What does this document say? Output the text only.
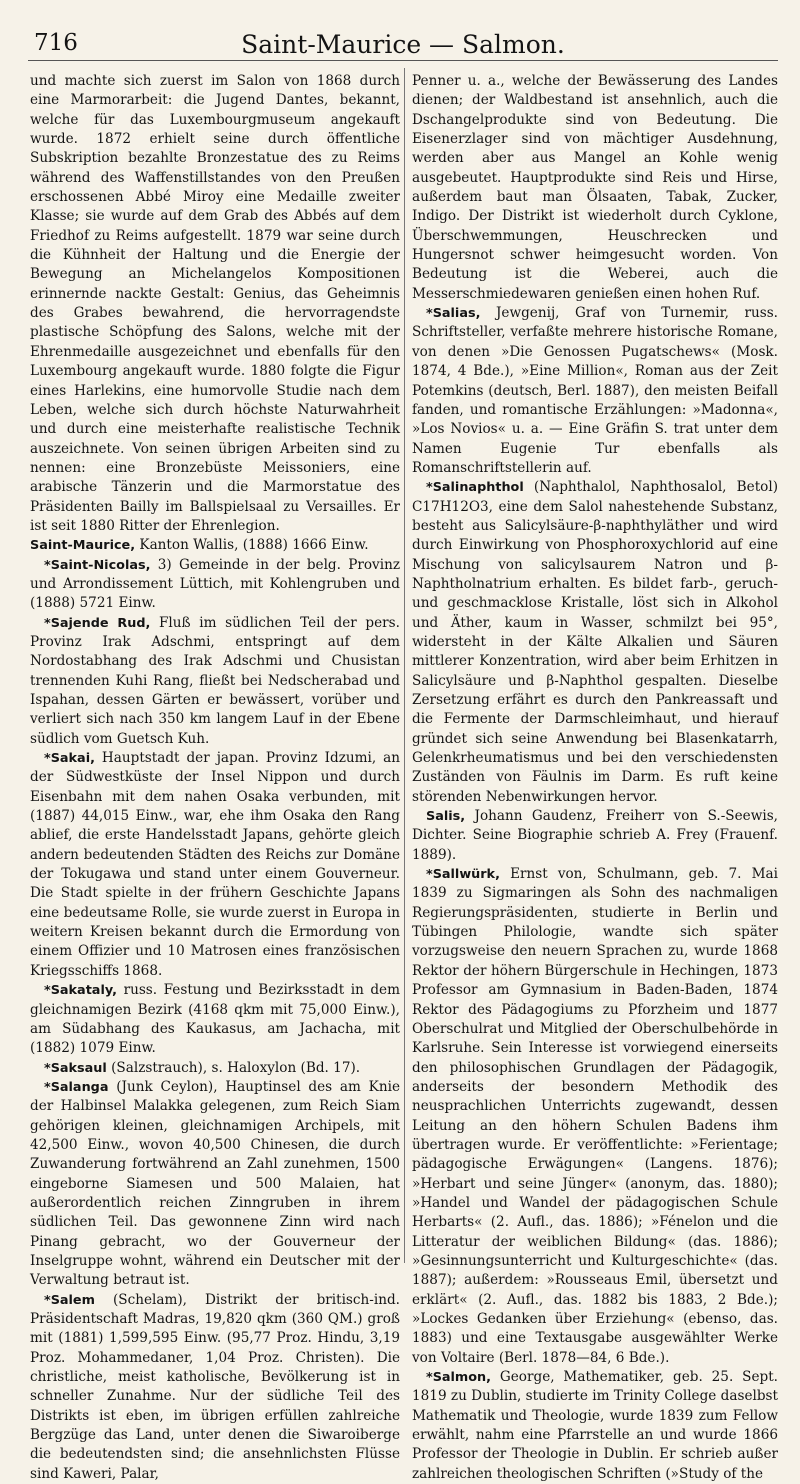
716	Saint-Maurice — Salmon.

und machte sich zuerst im Salon von 1868 durch eine Marmorarbeit: die Jugend Dantes, bekannt, welche für das Luxembourgmuseum angekauft wurde. 1872 erhielt seine durch öffentliche Subskription bezahlte Bronzestatue des zu Reims während des Waffenstillstandes von den Preußen erschossenen Abbé Miroy eine Medaille zweiter Klasse; sie wurde auf dem Grab des Abbés auf dem Friedhof zu Reims aufgestellt. 1879 war seine durch die Kühnheit der Haltung und die Energie der Bewegung an Michelangelos Kompositionen erinnernde nackte Gestalt: Genius, das Geheimnis des Grabes bewahrend, die hervorragendste plastische Schöpfung des Salons, welche mit der Ehrenmedaille ausgezeichnet und ebenfalls für den Luxembourg angekauft wurde. 1880 folgte die Figur eines Harlekins, eine humorvolle Studie nach dem Leben, welche sich durch höchste Naturwahrheit und durch eine meisterhafte realistische Technik auszeichnete. Von seinen übrigen Arbeiten sind zu nennen: eine Bronzebüste Meissoniers, eine arabische Tänzerin und die Marmorstatue des Präsidenten Bailly im Ballspielsaal zu Versailles. Er ist seit 1880 Ritter der Ehrenlegion.

Saint-Maurice, Kanton Wallis, (1888) 1666 Einw.

*Saint-Nicolas, 3) Gemeinde in der belg. Provinz und Arrondissement Lüttich, mit Kohlengruben und (1888) 5721 Einw.

*Sajende Rud, Fluß im südlichen Teil der pers. Provinz Irak Adschmi, entspringt auf dem Nordostabhang des Irak Adschmi und Chusistan trennenden Kuhi Rang, fließt bei Nedscherabad und Ispahan, dessen Gärten er bewässert, vorüber und verliert sich nach 350 km langem Lauf in der Ebene südlich vom Guetsch Kuh.

*Sakai, Hauptstadt der japan. Provinz Idzumi, an der Südwestküste der Insel Nippon und durch Eisenbahn mit dem nahen Osaka verbunden, mit (1887) 44,015 Einw., war, ehe ihm Osaka den Rang ablief, die erste Handelsstadt Japans, gehörte gleich andern bedeutenden Städten des Reichs zur Domäne der Tokugawa und stand unter einem Gouverneur. Die Stadt spielte in der frühern Geschichte Japans eine bedeutsame Rolle, sie wurde zuerst in Europa in weitern Kreisen bekannt durch die Ermordung von einem Offizier und 10 Matrosen eines französischen Kriegsschiffs 1868.

*Sakataly, russ. Festung und Bezirksstadt in dem gleichnamigen Bezirk (4168 qkm mit 75,000 Einw.), am Südabhang des Kaukasus, am Jachacha, mit (1882) 1079 Einw.

*Saksaul (Salzstrauch), s. Haloxylon (Bd. 17).

*Salanga (Junk Ceylon), Hauptinsel des am Knie der Halbinsel Malakka gelegenen, zum Reich Siam gehörigen kleinen, gleichnamigen Archipels, mit 42,500 Einw., wovon 40,500 Chinesen, die durch Zuwanderung fortwährend an Zahl zunehmen, 1500 eingeborne Siamesen und 500 Malaien, hat außerordentlich reichen Zinngruben in ihrem südlichen Teil. Das gewonnene Zinn wird nach Pinang gebracht, wo der Gouverneur der Inselgruppe wohnt, während ein Deutscher mit der Verwaltung betraut ist.

*Salem (Schelam), Distrikt der britisch-ind. Präsidentschaft Madras, 19,820 qkm (360 QM.) groß mit (1881) 1,599,595 Einw. (95,77 Proz. Hindu, 3,19 Proz. Mohammedaner, 1,04 Proz. Christen). Die christliche, meist katholische, Bevölkerung ist in schneller Zunahme. Nur der südliche Teil des Distrikts ist eben, im übrigen erfüllen zahlreiche Bergzüge das Land, unter denen die Siwaroiberge die bedeutendsten sind; die ansehnlichsten Flüsse sind Kaweri, Palar,

Penner u. a., welche der Bewässerung des Landes dienen; der Waldbestand ist ansehnlich, auch die Dschangelprodukte sind von Bedeutung. Die Eisenerzlager sind von mächtiger Ausdehnung, werden aber aus Mangel an Kohle wenig ausgebeutet. Hauptprodukte sind Reis und Hirse, außerdem baut man Ölsaaten, Tabak, Zucker, Indigo. Der Distrikt ist wiederholt durch Cyklone, Überschwemmungen, Heuschrecken und Hungersnot schwer heimgesucht worden. Von Bedeutung ist die Weberei, auch die Messerschmiedewaren genießen einen hohen Ruf.

*Salias, Jewgenij, Graf von Turnemir, russ. Schriftsteller, verfaßte mehrere historische Romane, von denen »Die Genossen Pugatschews« (Mosk. 1874, 4 Bde.), »Eine Million«, Roman aus der Zeit Potemkins (deutsch, Berl. 1887), den meisten Beifall fanden, und romantische Erzählungen: »Madonna«, »Los Novios« u. a. — Eine Gräfin S. trat unter dem Namen Eugenie Tur ebenfalls als Romanschriftstellerin auf.

*Salinaphthol (Naphthalol, Naphthosalol, Betol) C17H12O3, eine dem Salol nahestehende Substanz, besteht aus Salicylsäure-β-naphthyläther und wird durch Einwirkung von Phosphoroxychlorid auf eine Mischung von salicylsaurem Natron und β-Naphtholnatrium erhalten. Es bildet farb-, geruch- und geschmacklose Kristalle, löst sich in Alkohol und Äther, kaum in Wasser, schmilzt bei 95°, widersteht in der Kälte Alkalien und Säuren mittlerer Konzentration, wird aber beim Erhitzen in Salicylsäure und β-Naphthol gespalten. Dieselbe Zersetzung erfährt es durch den Pankreassaft und die Fermente der Darmschleimhaut, und hierauf gründet sich seine Anwendung bei Blasenkatarrh, Gelenkrheumatismus und bei den verschiedensten Zuständen von Fäulnis im Darm. Es ruft keine störenden Nebenwirkungen hervor.

Salis, Johann Gaudenz, Freiherr von S.-Seewis, Dichter. Seine Biographie schrieb A. Frey (Frauenf. 1889).

*Sallwürk, Ernst von, Schulmann, geb. 7. Mai 1839 zu Sigmaringen als Sohn des nachmaligen Regierungspräsidenten, studierte in Berlin und Tübingen Philologie, wandte sich später vorzugsweise den neuern Sprachen zu, wurde 1868 Rektor der höhern Bürgerschule in Hechingen, 1873 Professor am Gymnasium in Baden-Baden, 1874 Rektor des Pädagogiums zu Pforzheim und 1877 Oberschulrat und Mitglied der Oberschulbehörde in Karlsruhe. Sein Interesse ist vorwiegend einerseits den philosophischen Grundlagen der Pädagogik, anderseits der besondern Methodik des neusprachlichen Unterrichts zugewandt, dessen Leitung an den höhern Schulen Badens ihm übertragen wurde. Er veröffentlichte: »Ferientage; pädagogische Erwägungen« (Langens. 1876); »Herbart und seine Jünger« (anonym, das. 1880); »Handel und Wandel der pädagogischen Schule Herbarts« (2. Aufl., das. 1886); »Fénelon und die Litteratur der weiblichen Bildung« (das. 1886); »Gesinnungsunterricht und Kulturgeschichte« (das. 1887); außerdem: »Rousseaus Emil, übersetzt und erklärt« (2. Aufl., das. 1882 bis 1883, 2 Bde.); »Lockes Gedanken über Erziehung« (ebenso, das. 1883) und eine Textausgabe ausgewählter Werke von Voltaire (Berl. 1878—84, 6 Bde.).

*Salmon, George, Mathematiker, geb. 25. Sept. 1819 zu Dublin, studierte im Trinity College daselbst Mathematik und Theologie, wurde 1839 zum Fellow erwählt, nahm eine Pfarrstelle an und wurde 1866 Professor der Theologie in Dublin. Er schrieb außer zahlreichen theologischen Schriften (»Study of the
